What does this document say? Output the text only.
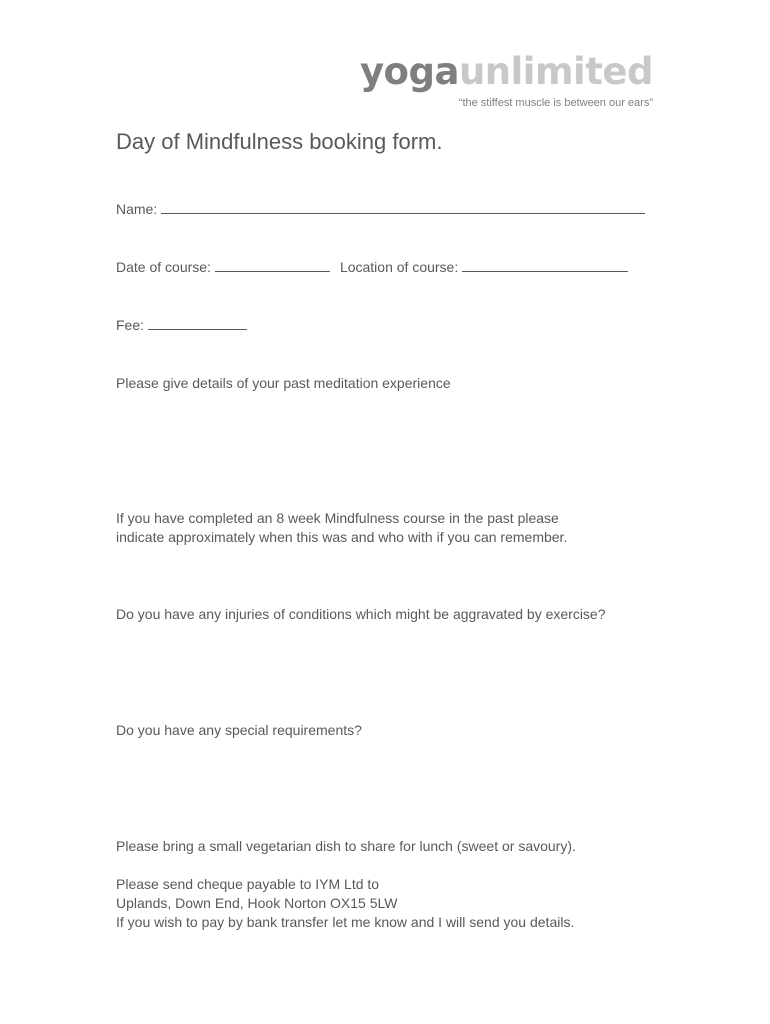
yogaunlimited
“the stiffest muscle is between our ears”
Day of Mindfulness booking form.
Name:
Date of course:	Location of course:
Fee:
Please give details of your past meditation experience
If you have completed an 8 week Mindfulness course in the past please
indicate approximately when this was and who with if you can remember.
Do you have any injuries of conditions which might be aggravated by exercise?
Do you have any special requirements?
Please bring a small vegetarian dish to share for lunch (sweet or savoury).
Please send cheque payable to IYM Ltd to
Uplands, Down End, Hook Norton OX15 5LW
If you wish to pay by bank transfer let me know and I will send you details.
